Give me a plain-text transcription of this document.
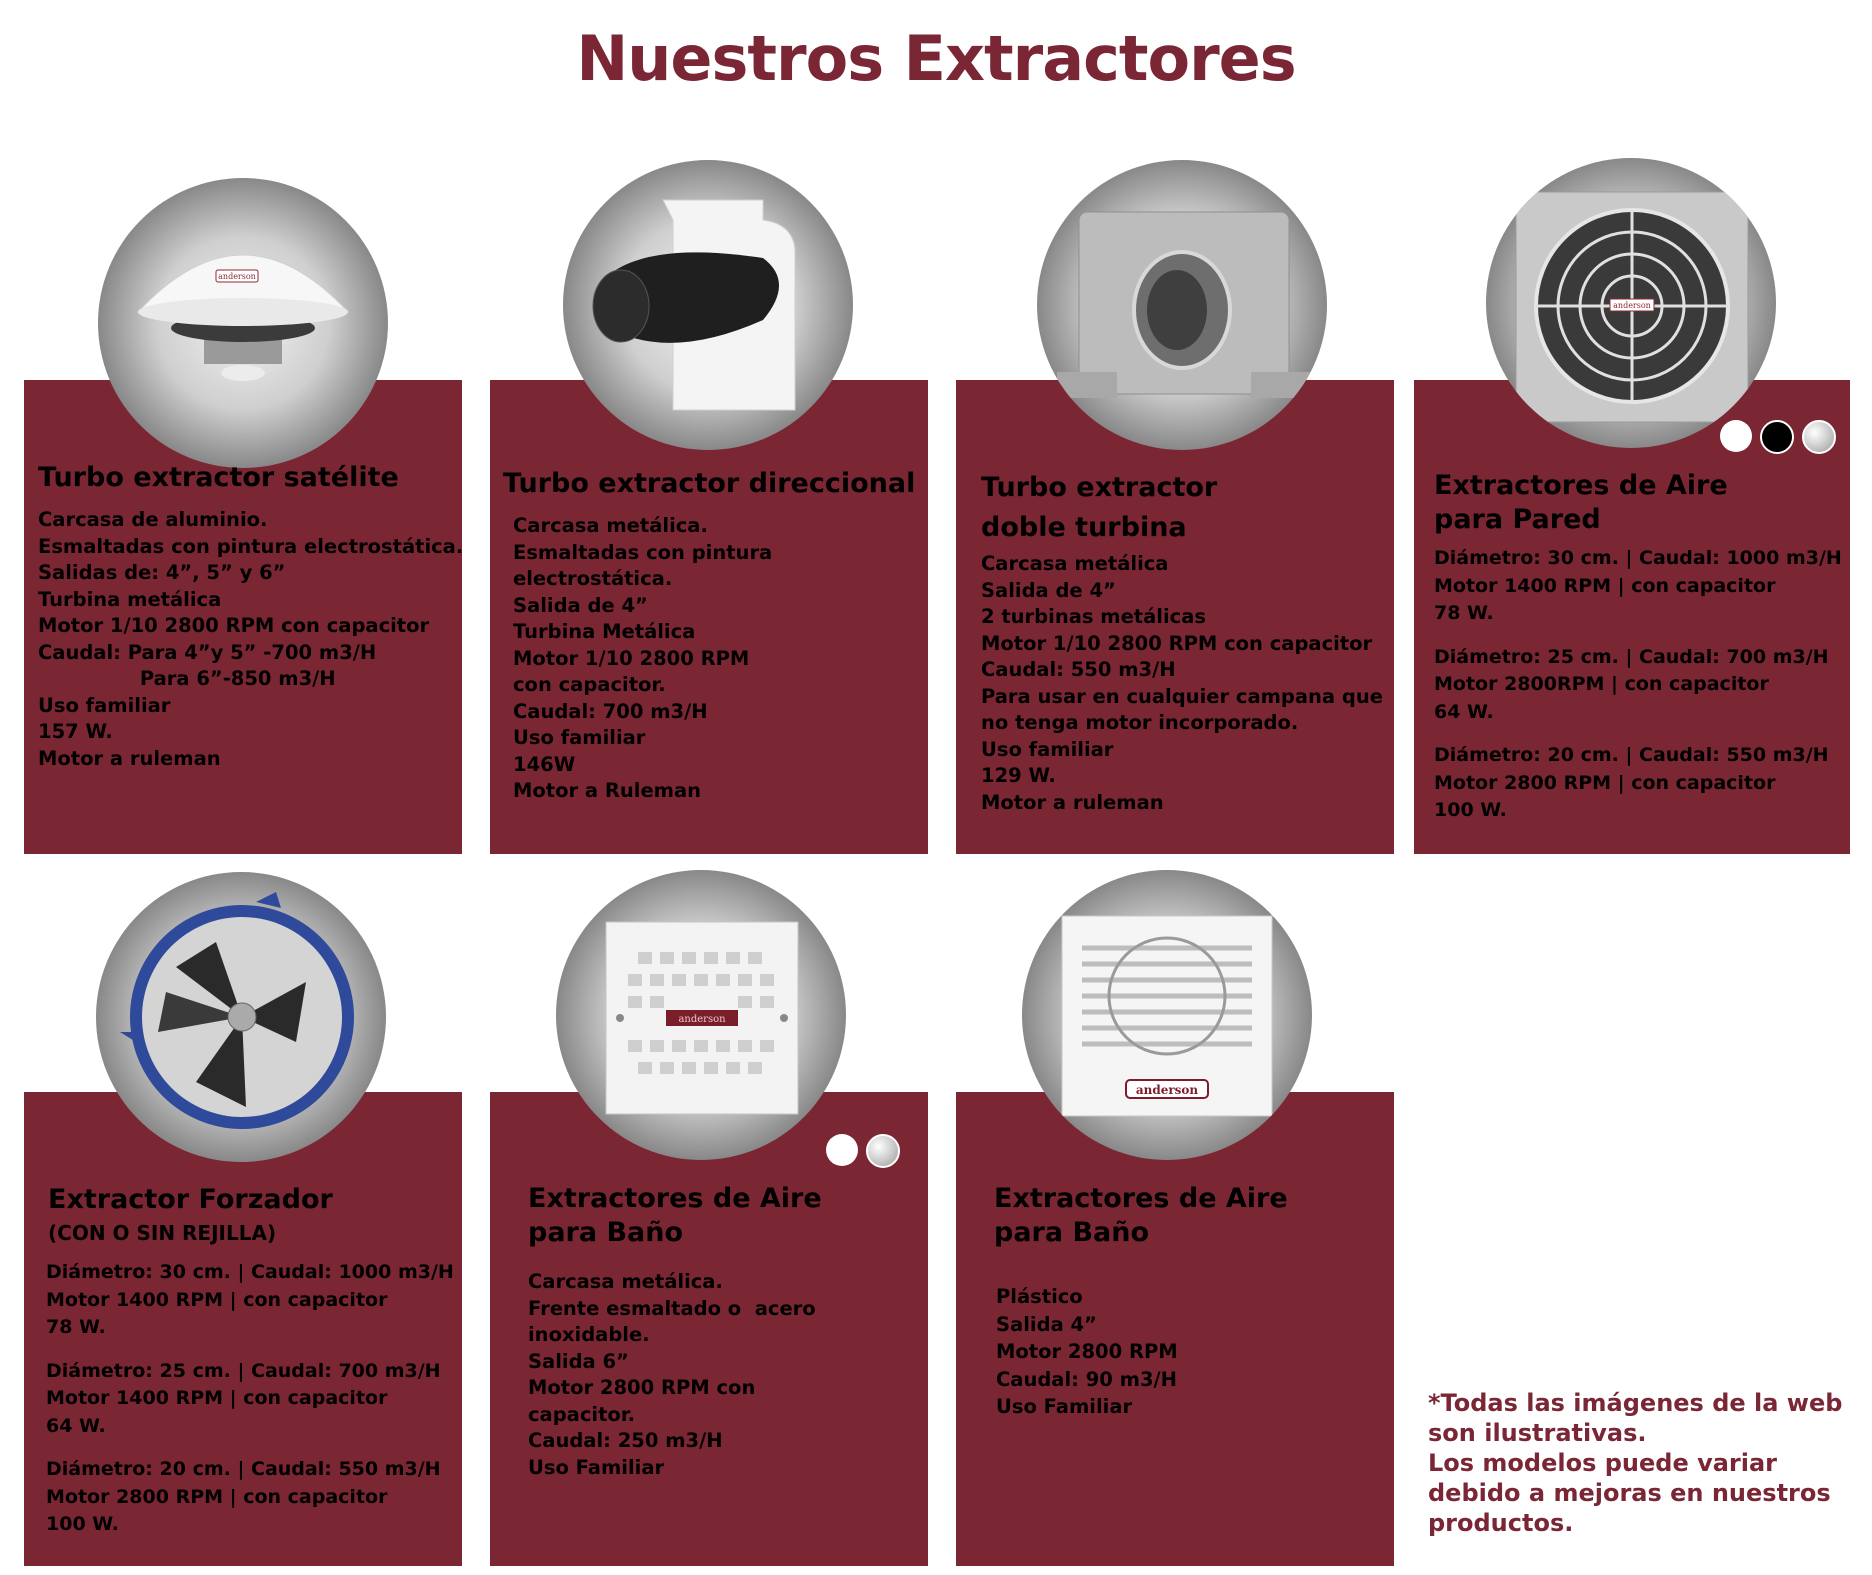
Nuestros Extractores
anderson
Turbo extractor satélite
Carcasa de aluminio.
Esmaltadas con pintura electrostática.
Salidas de: 4”, 5” y 6”
Turbina metálica
Motor 1/10 2800 RPM con capacitor
Caudal: Para 4”y 5” -700 m3/H
Para 6”-850 m3/H
Uso familiar
157 W.
Motor a ruleman
Turbo extractor direccional
Carcasa metálica.
Esmaltadas con pintura
electrostática.
Salida de 4”
Turbina Metálica
Motor 1/10 2800 RPM
con capacitor.
Caudal: 700 m3/H
Uso familiar
146W
Motor a Ruleman
Turbo extractor
doble turbina
Carcasa metálica
Salida de 4”
2 turbinas metálicas
Motor 1/10 2800 RPM con capacitor
Caudal: 550 m3/H
Para usar en cualquier campana que
no tenga motor incorporado.
Uso familiar
129 W.
Motor a ruleman
anderson
Extractores de Aire
para Pared
Diámetro: 30 cm. | Caudal: 1000 m3/H
Motor 1400 RPM | con capacitor
78 W.
Diámetro: 25 cm. | Caudal: 700 m3/H
Motor 2800RPM | con capacitor
64 W.
Diámetro: 20 cm. | Caudal: 550 m3/H
Motor 2800 RPM | con capacitor
100 W.
Extractor Forzador
(CON O SIN REJILLA)
Diámetro: 30 cm. | Caudal: 1000 m3/H
Motor 1400 RPM | con capacitor
78 W.
Diámetro: 25 cm. | Caudal: 700 m3/H
Motor 1400 RPM | con capacitor
64 W.
Diámetro: 20 cm. | Caudal: 550 m3/H
Motor 2800 RPM | con capacitor
100 W.
anderson
Extractores de Aire
para Baño
Carcasa metálica.
Frente esmaltado o  acero
inoxidable.
Salida 6”
Motor 2800 RPM con
capacitor.
Caudal: 250 m3/H
Uso Familiar
anderson
Extractores de Aire
para Baño
Plástico
Salida 4”
Motor 2800 RPM
Caudal: 90 m3/H
Uso Familiar	*Todas las imágenes de la web
son ilustrativas.
Los modelos puede variar
debido a mejoras en nuestros
productos.
